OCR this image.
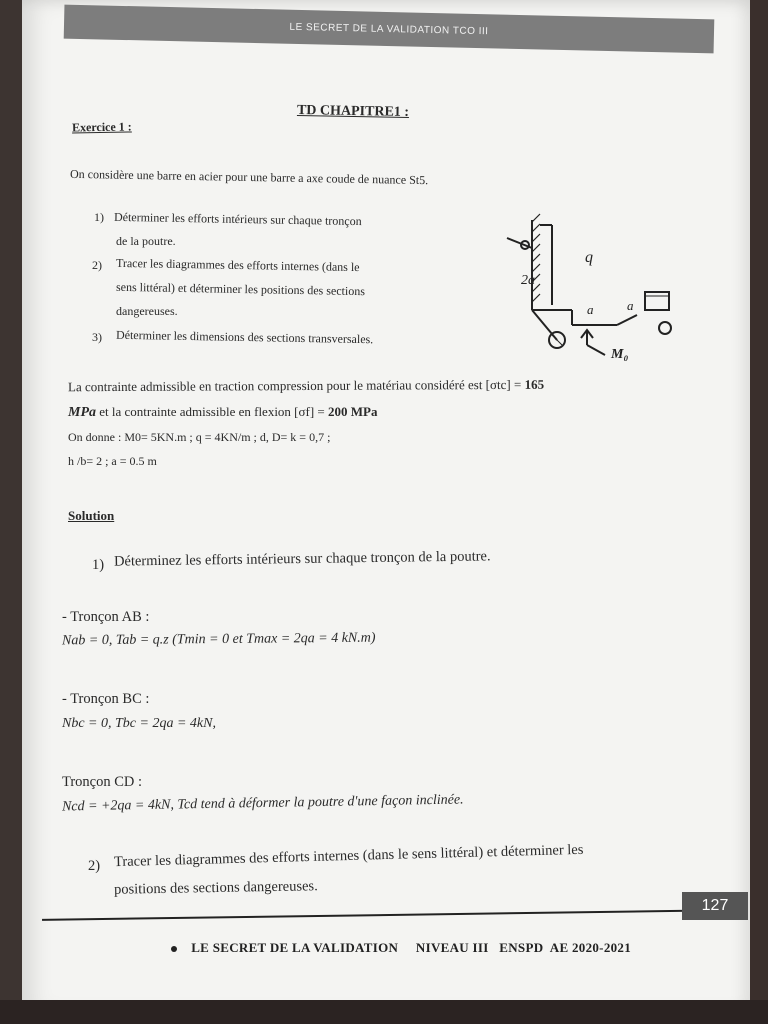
LE SECRET DE LA VALIDATION TCO III
TD CHAPITRE1 :
Exercice 1 :
On considère une barre en acier pour une barre a axe coude de nuance St5.
1) Déterminer les efforts intérieurs sur chaque tronçon
de la poutre.
2) Tracer les diagrammes des efforts internes (dans le
sens littéral) et déterminer les positions des sections
dangereuses.
3) Déterminer les dimensions des sections transversales.
q
2a
a	a
M₀
La contrainte admissible en traction compression pour le matériau considéré est [σtc] = 165
MPa et la contrainte admissible en flexion [σf] = 200 MPa
On donne : M0= 5KN.m ; q = 4KN/m ; d, D= k = 0,7 ;
h /b= 2 ; a = 0.5 m
Solution
1) Déterminez les efforts intérieurs sur chaque tronçon de la poutre.
- Tronçon AB :
Nab = 0, Tab = q.z (Tmin = 0 et Tmax = 2qa = 4 kN.m)
- Tronçon BC :
Nbc = 0, Tbc = 2qa = 4kN,
Tronçon CD :
Ncd = +2qa = 4kN, Tcd tend à déformer la poutre d'une façon inclinée.
2) Tracer les diagrammes des efforts internes (dans le sens littéral) et déterminer les
positions des sections dangereuses.
127

LE SECRET DE LA VALIDATION     NIVEAU III   ENSPD  AE 2020-2021
